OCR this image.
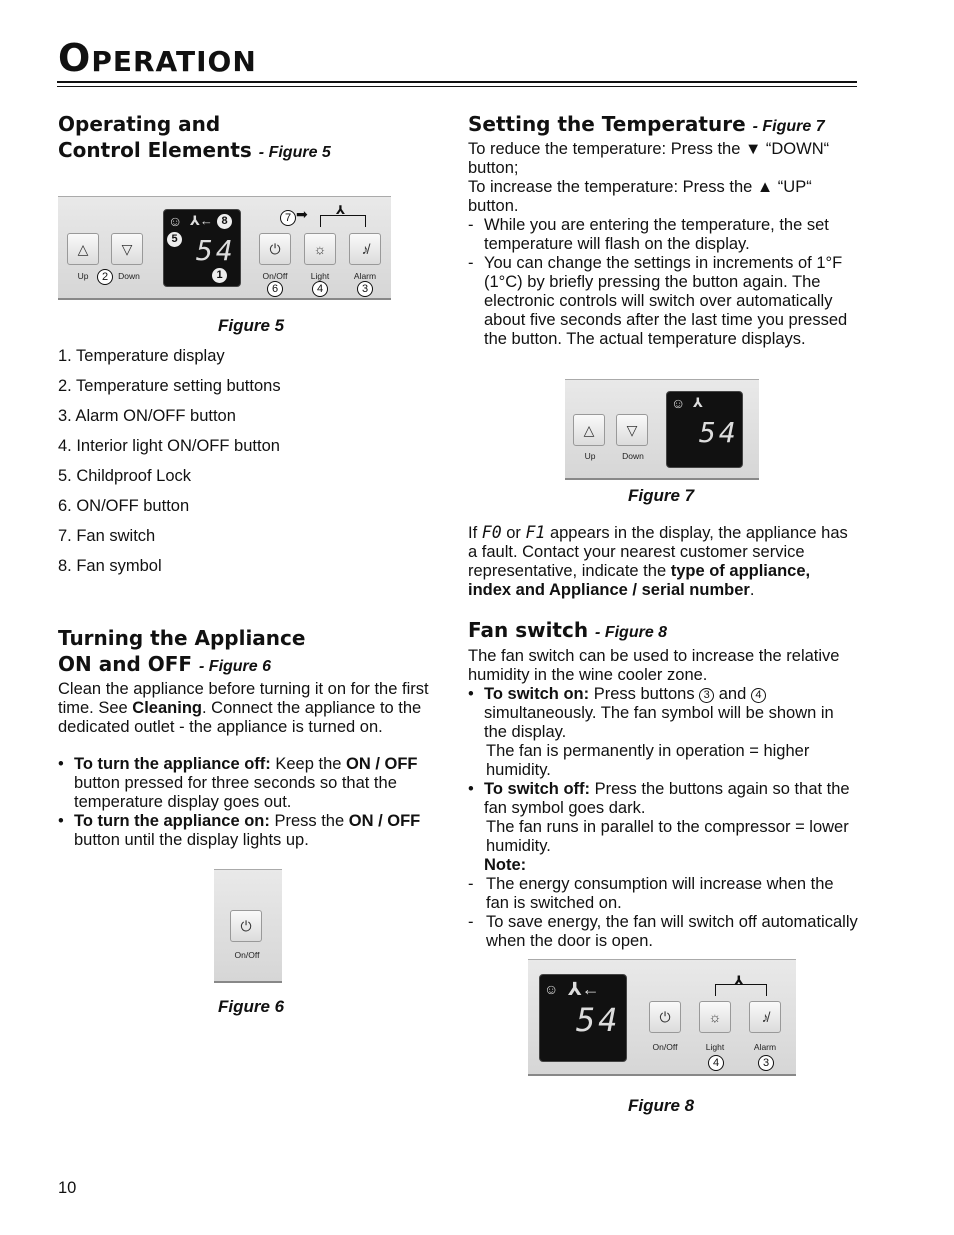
OPERATION
Operating and
Control Elements - Figure 5
△ ▽
Up	2	Down
☺ ⅄← 8
5 54
1
7 ➡ ⅄
⏻ ☼	♪̸
On/Off	Light	Alarm
6	4	3
Figure 5
1. Temperature display
2. Temperature setting buttons
3. Alarm ON/OFF button
4. Interior light ON/OFF button
5. Childproof Lock
6. ON/OFF button
7. Fan switch
8. Fan symbol
Turning the Appliance
ON and OFF - Figure 6

Clean the appliance before turning it on for the first time. See Cleaning. Connect the appliance to the dedicated outlet - the appliance is turned on.

• To turn the appliance off: Keep the ON / OFF button pressed for three seconds so that the temperature display goes out.

• To turn the appliance on: Press the ON / OFF button until the display lights up.

⏻
On/Off
Figure 6
10
Setting the Temperature - Figure 7

To reduce the temperature: Press the ▼ “DOWN“ button;

To increase the temperature: Press the ▲ “UP“ button.

- While you are entering the temperature, the set temperature will flash on the display.

- You can change the settings in increments of 1°F (1°C) by briefly pressing the button again. The electronic controls will switch over automatically about five seconds after the last time you pressed the button. The actual temperature displays.

△ ▽
Up	Down
☺ ⅄
54
Figure 7

If F0 or F1 appears in the display, the appliance has a fault. Contact your nearest customer service representative, indicate the type of appliance, index and Appliance / serial number.

Fan switch - Figure 8

The fan switch can be used to increase the relative humidity in the wine cooler zone.

• To switch on: Press buttons 3 and 4 simultaneously. The fan symbol will be shown in the display.

The fan is permanently in operation = higher humidity.

• To switch off: Press the buttons again so that the fan symbol goes dark.

The fan runs in parallel to the compressor = lower humidity.

Note:

- The energy consumption will increase when the fan is switched on.

- To save energy, the fan will switch off automatically when the door is open.

☺ ⅄←
54
⅄
⏻	☼	♪̸
On/Off	Light	Alarm
4	3
Figure 8
